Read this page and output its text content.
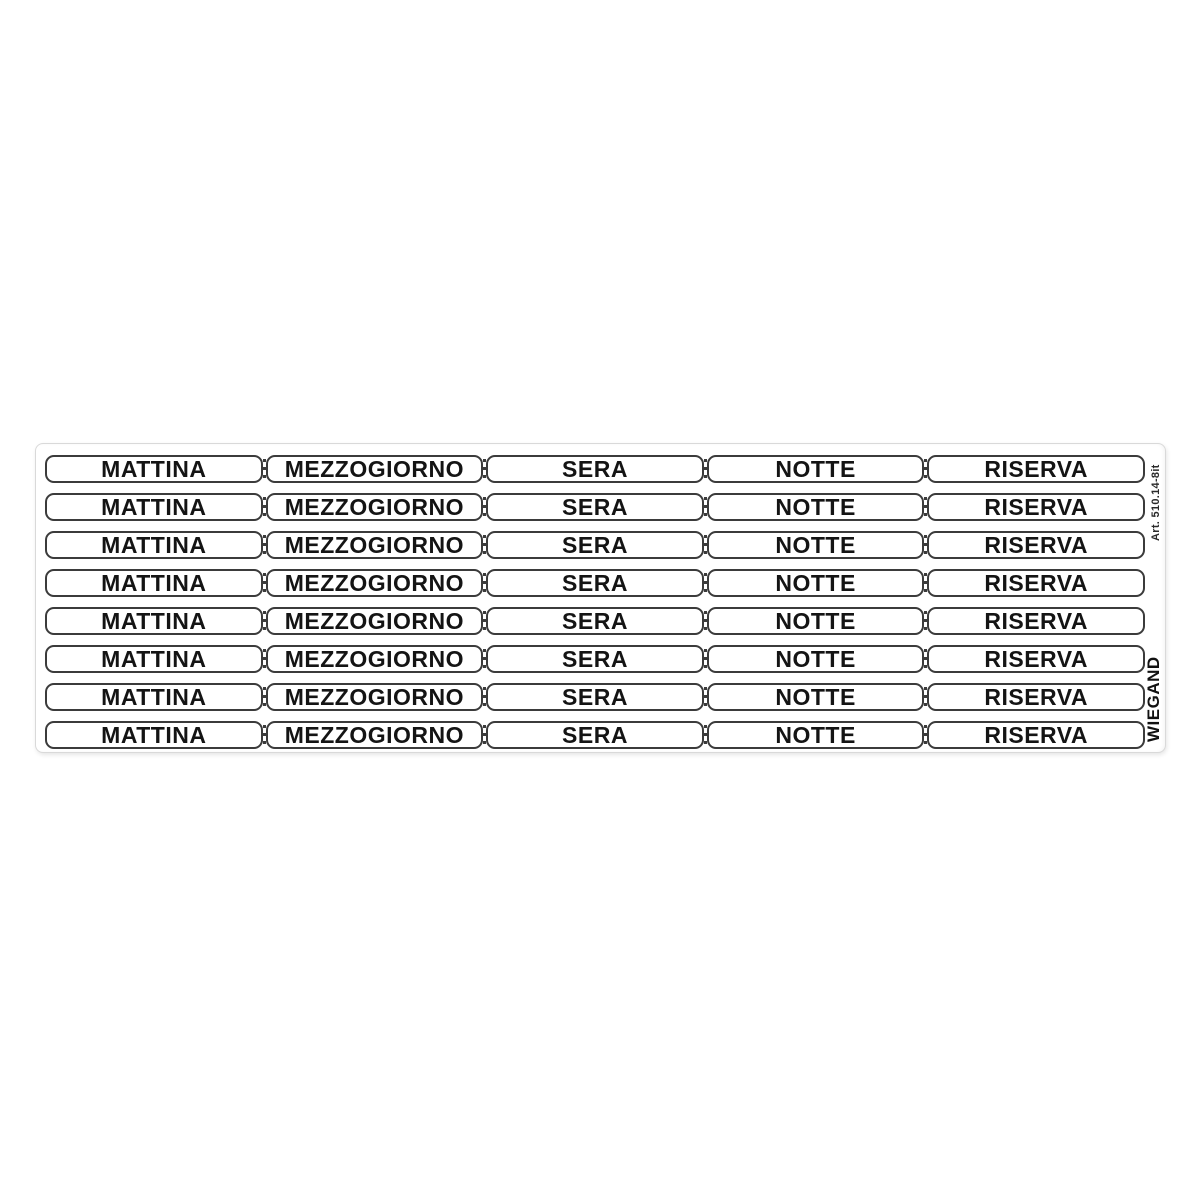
MATTINA	MEZZOGIORNO	SERA	NOTTE	RISERVA
MATTINA	MEZZOGIORNO	SERA	NOTTE	RISERVA
MATTINA	MEZZOGIORNO	SERA	NOTTE	RISERVA
MATTINA	MEZZOGIORNO	SERA	NOTTE	RISERVA
MATTINA	MEZZOGIORNO	SERA	NOTTE	RISERVA
MATTINA	MEZZOGIORNO	SERA	NOTTE	RISERVA
MATTINA	MEZZOGIORNO	SERA	NOTTE	RISERVA
MATTINA	MEZZOGIORNO	SERA	NOTTE	RISERVA
Art. 510.14-8it
WIEGAND
